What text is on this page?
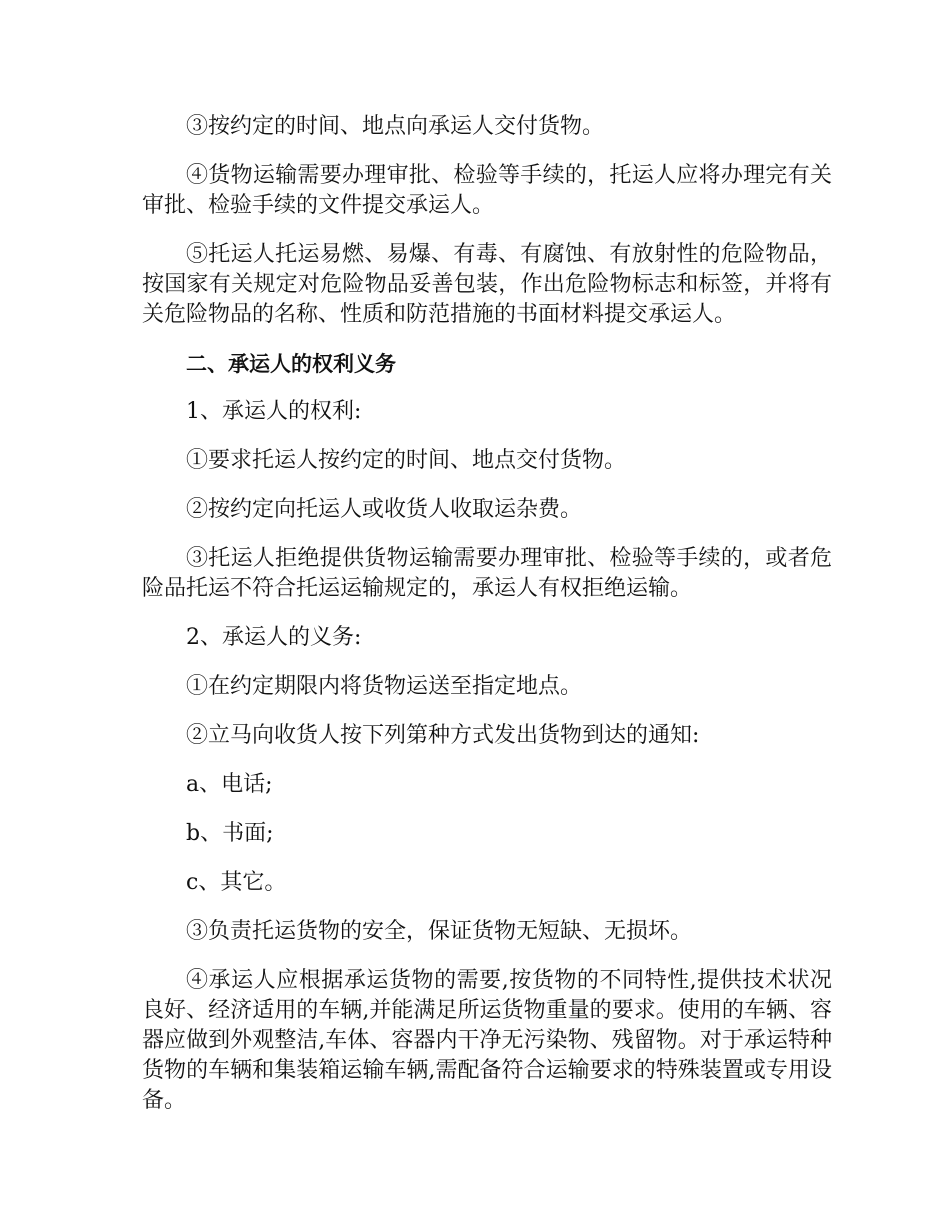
③按约定的时间、地点向承运人交付货物。

④货物运输需要办理审批、检验等手续的，托运人应将办理完有关审批、检验手续的文件提交承运人。

⑤托运人托运易燃、易爆、有毒、有腐蚀、有放射性的危险物品，按国家有关规定对危险物品妥善包装，作出危险物标志和标签，并将有关危险物品的名称、性质和防范措施的书面材料提交承运人。

二、承运人的权利义务

1、承运人的权利:

①要求托运人按约定的时间、地点交付货物。

②按约定向托运人或收货人收取运杂费。

③托运人拒绝提供货物运输需要办理审批、检验等手续的，或者危险品托运不符合托运运输规定的，承运人有权拒绝运输。

2、承运人的义务:

①在约定期限内将货物运送至指定地点。

②立马向收货人按下列第种方式发出货物到达的通知:

a、电话;

b、书面;

c、其它。

③负责托运货物的安全，保证货物无短缺、无损坏。

④承运人应根据承运货物的需要,按货物的不同特性,提供技术状况良好、经济适用的车辆,并能满足所运货物重量的要求。使用的车辆、容器应做到外观整洁,车体、容器内干净无污染物、残留物。对于承运特种货物的车辆和集装箱运输车辆,需配备符合运输要求的特殊装置或专用设备。
